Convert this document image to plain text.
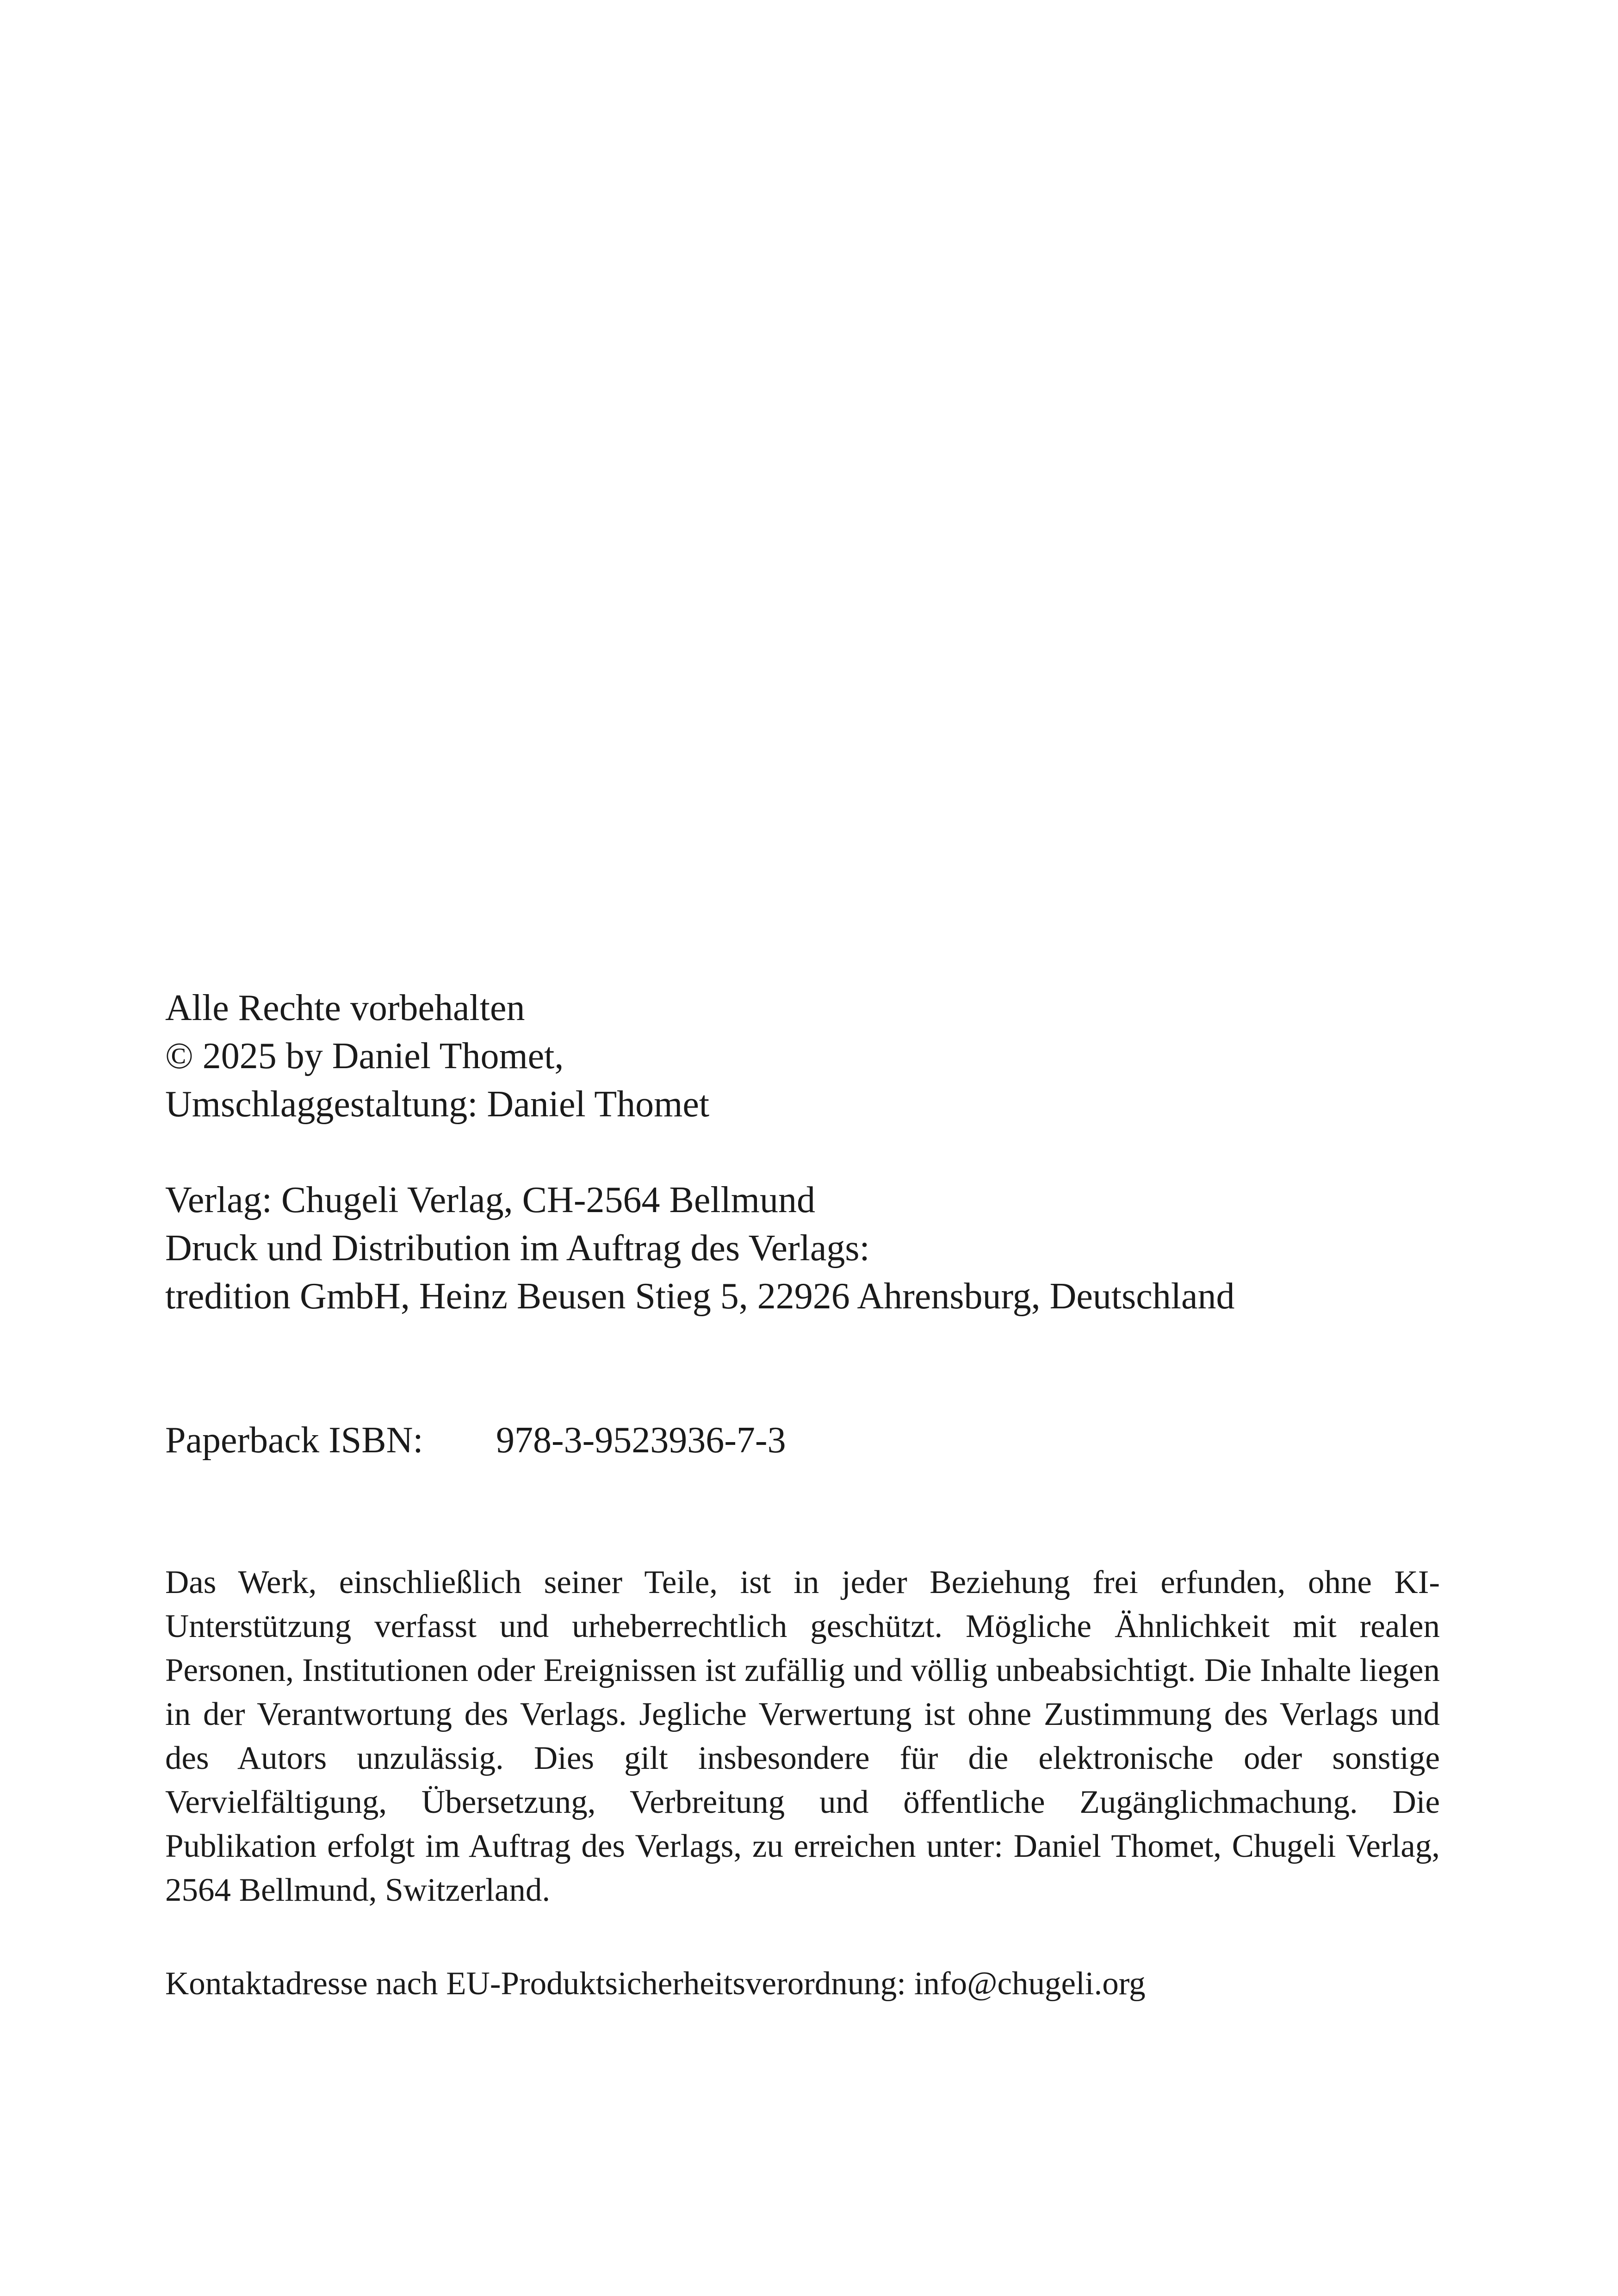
Alle Rechte vorbehalten

© 2025 by Daniel Thomet,

Umschlaggestaltung: Daniel Thomet

Verlag: Chugeli Verlag, CH-2564 Bellmund

Druck und Distribution im Auftrag des Verlags:

tredition GmbH, Heinz Beusen Stieg 5, 22926 Ahrensburg, Deutschland

Paperback ISBN:	978-3-9523936-7-3
Das Werk, einschließlich seiner Teile, ist in jeder Beziehung frei erfunden, ohne KI-Unterstützung verfasst und urheberrechtlich geschützt. Mögliche Ähnlichkeit mit realen Personen, Institutionen oder Ereignissen ist zufällig und völlig unbeabsichtigt. Die Inhalte liegen in der Verantwortung des Verlags. Jegliche Verwertung ist ohne Zustimmung des Verlags und des Autors unzulässig. Dies gilt insbesondere für die elektronische oder sonstige Vervielfältigung, Übersetzung, Verbreitung und öffentliche Zugänglichmachung. Die Publikation erfolgt im Auftrag des Verlags, zu erreichen unter: Daniel Thomet, Chugeli Verlag, 2564 Bellmund, Switzerland.
Kontaktadresse nach EU-Produktsicherheitsverordnung: info@chugeli.org
